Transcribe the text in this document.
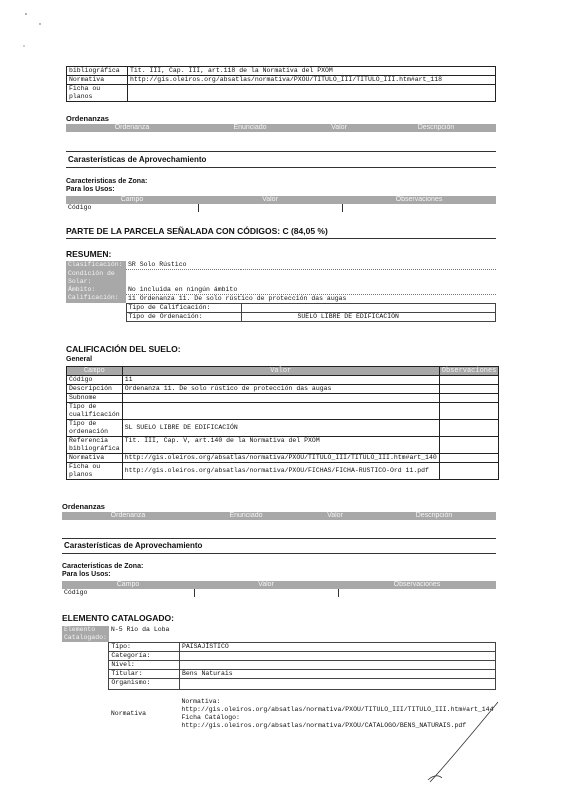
bibliográfica	Tit. III, Cap. III, art.118 de la Normativa del PXOM
Normativa	http://gis.oleiros.org/absatlas/normativa/PXOU/TITULO_III/TITULO_III.htm#art_118
Ficha ou planos	
Ordenanzas
Ordenanza	Enunciado	Valor	Descripción
Carasterísticas de Aprovechamiento
Caracteristicas de Zona:
Para los Usos:
Campo	Valor	Observaciones
Código		
PARTE DE LA PARCELA SEÑALADA CON CÓDIGOS: C (84,05 %)
RESUMEN:
Clasificación:	SR Solo Rústico	
Condición de Solar:		
Ámbito:	No incluida en ningún ámbito	
Calificación:	11 Ordenanza 11. De solo rústico de protección das augas	
	Tipo de Calificación:	
	Tipo de Ordenación:	SUELO LIBRE DE EDIFICACIÓN
CALIFICACIÓN DEL SUELO:
General
Campo	Valor	Observaciones
Código	11	
Descripción	Ordenanza 11. De solo rústico de protección das augas	
Subnome		
Tipo de cualificación		
Tipo de ordenación	SL SUELO LIBRE DE EDIFICACIÓN	
Referencia bibliográfica	Tit. III, Cap. V, art.140 de la Normativa del PXOM	
Normativa	http://gis.oleiros.org/absatlas/normativa/PXOU/TITULO_III/TITULO_III.htm#art_140	
Ficha ou planos	http://gis.oleiros.org/absatlas/normativa/PXOU/FICHAS/FICHA-RUSTICO-Ord 11.pdf	
Ordenanzas
Ordenanza	Enunciado	Valor	Descripción
Carasterísticas de Aprovechamiento
Caracteristicas de Zona:
Para los Usos:
Campo	Valor	Observaciones
Código		
ELEMENTO CATALOGADO:
Elemento Catalogado:	N-5 Río da Loba	
	Tipo:	PAISAJÍSTICO
	Categoría:	
	Nivel:	
	Titular:	Bens Naturais
	Organismo:	

	Normativa	Normativa:
http://gis.oleiros.org/absatlas/normativa/PXOU/TITULO_III/TITULO_III.htm#art_144
Ficha Catálogo:
http://gis.oleiros.org/absatlas/normativa/PXOU/CATALOGO/BENS_NATURAIS.pdf
